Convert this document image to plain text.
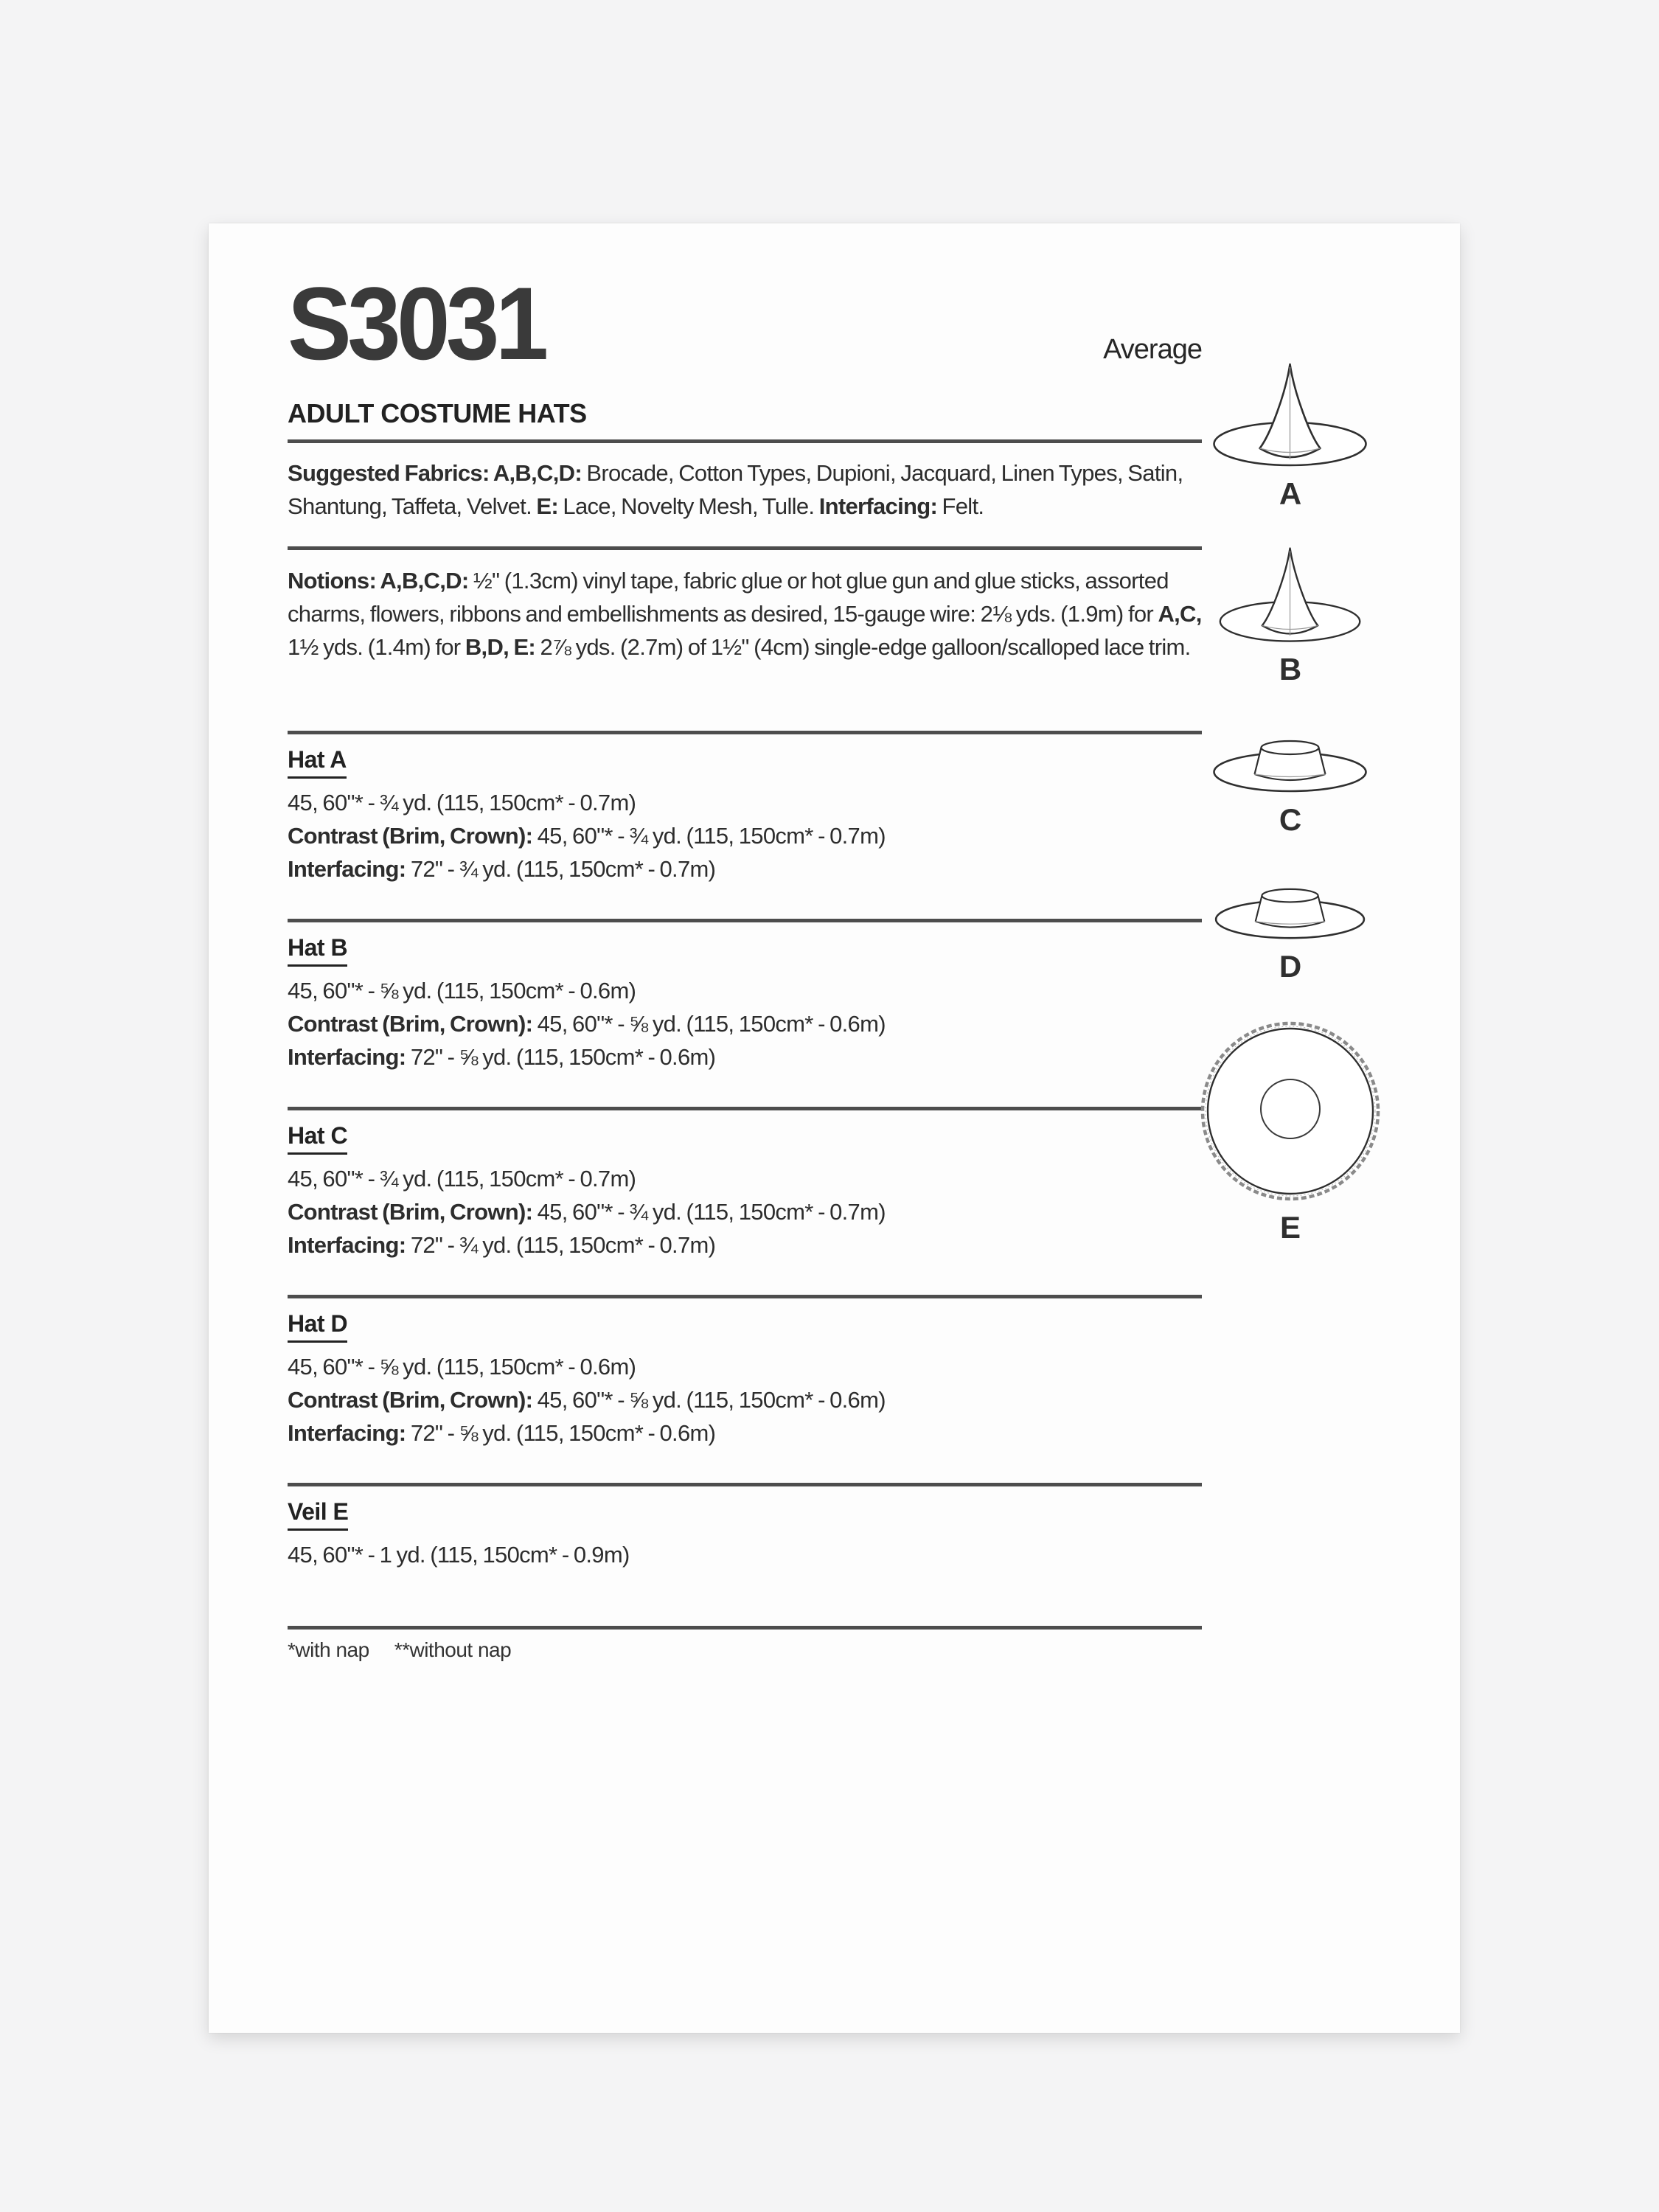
S3031	Average
ADULT COSTUME HATS

Suggested Fabrics: A,B,C,D: Brocade, Cotton Types, Dupioni, Jacquard, Linen Types, Satin, Shantung, Taffeta, Velvet. E: Lace, Novelty Mesh, Tulle. Interfacing: Felt.

Notions: A,B,C,D: ½" (1.3cm) vinyl tape, fabric glue or hot glue gun and glue sticks, assorted charms, flowers, ribbons and embellishments as desired, 15-gauge wire: 2⅛ yds. (1.9m) for A,C, 1½ yds. (1.4m) for B,D, E: 2⅞ yds. (2.7m) of 1½" (4cm) single-edge galloon/scalloped lace trim.

Hat A
45, 60"* - ¾ yd. (115, 150cm* - 0.7m)
Contrast (Brim, Crown): 45, 60"* - ¾ yd. (115, 150cm* - 0.7m)
Interfacing: 72" - ¾ yd. (115, 150cm* - 0.7m)
Hat B
45, 60"* - ⅝ yd. (115, 150cm* - 0.6m)
Contrast (Brim, Crown): 45, 60"* - ⅝ yd. (115, 150cm* - 0.6m)
Interfacing: 72" - ⅝ yd. (115, 150cm* - 0.6m)
Hat C
45, 60"* - ¾ yd. (115, 150cm* - 0.7m)
Contrast (Brim, Crown): 45, 60"* - ¾ yd. (115, 150cm* - 0.7m)
Interfacing: 72" - ¾ yd. (115, 150cm* - 0.7m)
Hat D
45, 60"* - ⅝ yd. (115, 150cm* - 0.6m)
Contrast (Brim, Crown): 45, 60"* - ⅝ yd. (115, 150cm* - 0.6m)
Interfacing: 72" - ⅝ yd. (115, 150cm* - 0.6m)
Veil E
45, 60"* - 1 yd. (115, 150cm* - 0.9m)
*with nap **without nap
A
B
C
D
E
